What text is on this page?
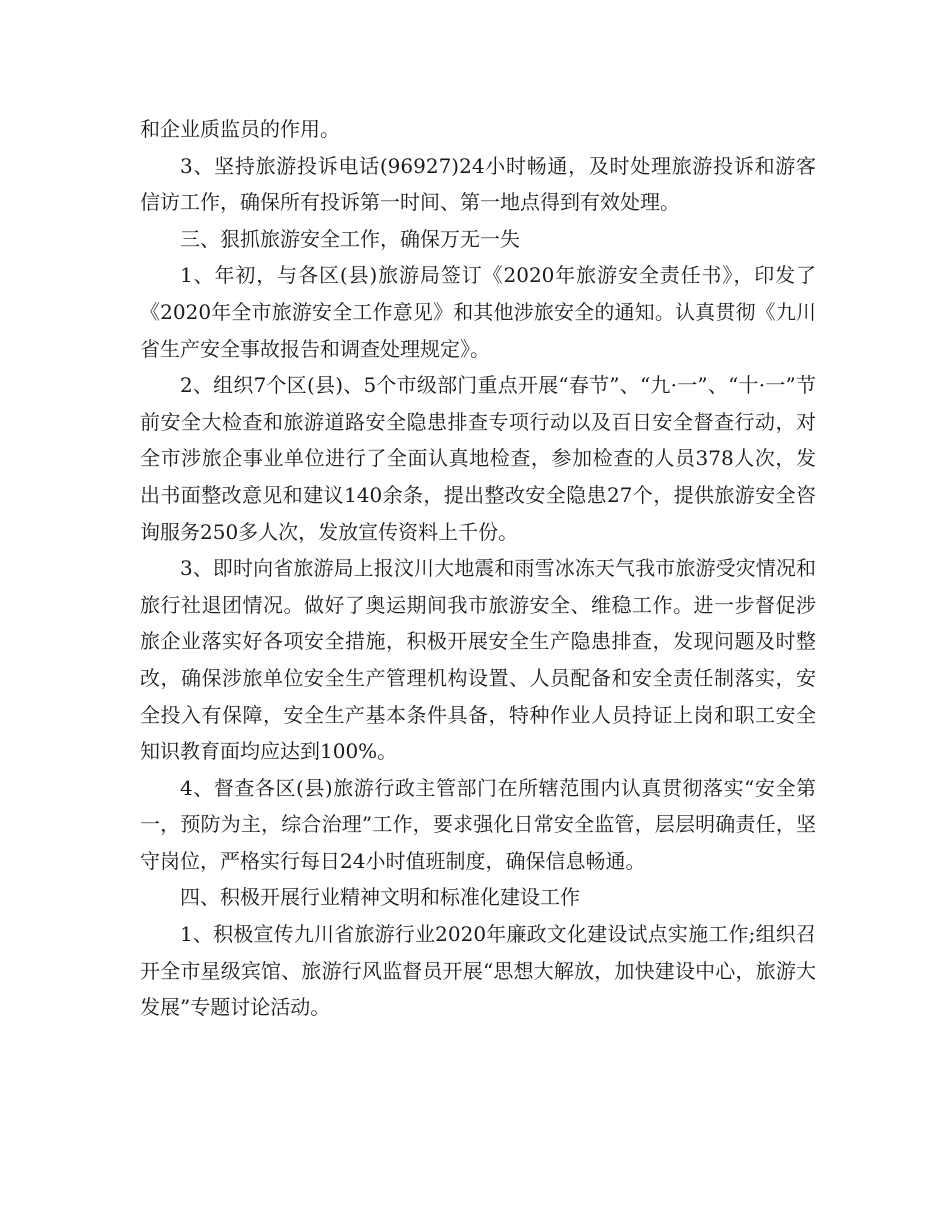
和企业质监员的作用。

3、坚持旅游投诉电话(96927)24小时畅通，及时处理旅游投诉和游客信访工作，确保所有投诉第一时间、第一地点得到有效处理。

三、狠抓旅游安全工作，确保万无一失

1、年初，与各区(县)旅游局签订《2020年旅游安全责任书》，印发了《2020年全市旅游安全工作意见》和其他涉旅安全的通知。认真贯彻《九川省生产安全事故报告和调查处理规定》。

2、组织7个区(县)、5个市级部门重点开展“春节”、“九·一”、“十·一”节前安全大检查和旅游道路安全隐患排查专项行动以及百日安全督查行动，对全市涉旅企事业单位进行了全面认真地检查，参加检查的人员378人次，发出书面整改意见和建议140余条，提出整改安全隐患27个，提供旅游安全咨询服务250多人次，发放宣传资料上千份。

3、即时向省旅游局上报汶川大地震和雨雪冰冻天气我市旅游受灾情况和旅行社退团情况。做好了奥运期间我市旅游安全、维稳工作。进一步督促涉旅企业落实好各项安全措施，积极开展安全生产隐患排查，发现问题及时整改，确保涉旅单位安全生产管理机构设置、人员配备和安全责任制落实，安全投入有保障，安全生产基本条件具备，特种作业人员持证上岗和职工安全知识教育面均应达到100%。

4、督查各区(县)旅游行政主管部门在所辖范围内认真贯彻落实“安全第一，预防为主，综合治理”工作，要求强化日常安全监管，层层明确责任，坚守岗位，严格实行每日24小时值班制度，确保信息畅通。

四、积极开展行业精神文明和标准化建设工作

1、积极宣传九川省旅游行业2020年廉政文化建设试点实施工作;组织召开全市星级宾馆、旅游行风监督员开展“思想大解放，加快建设中心，旅游大发展”专题讨论活动。
